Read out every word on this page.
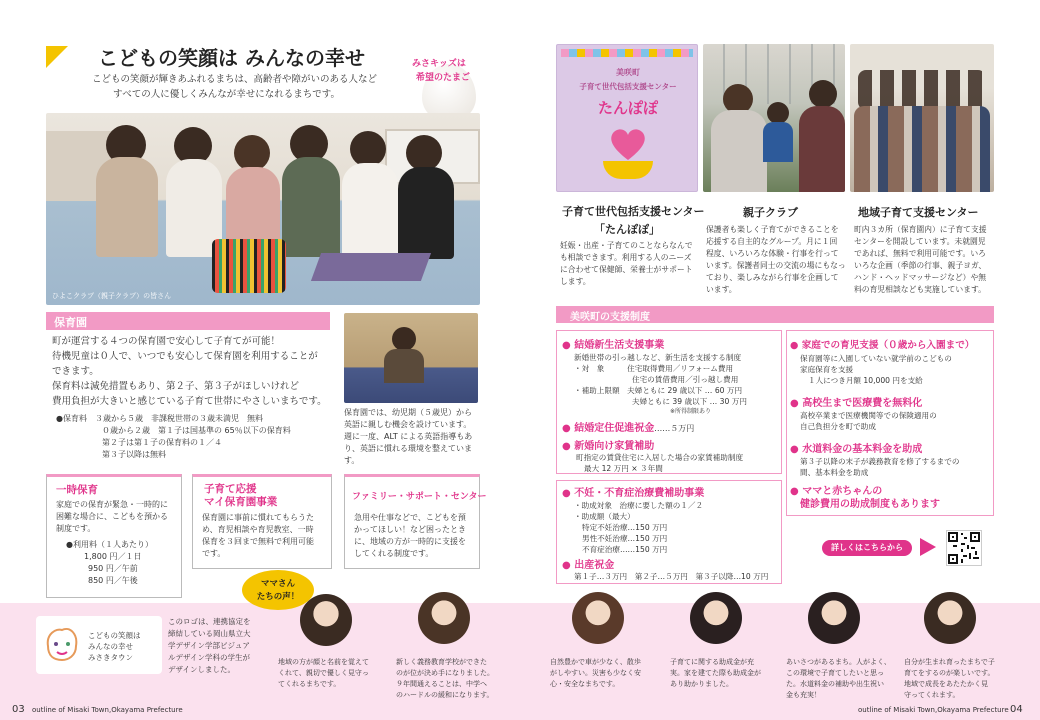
こどもの笑顔は みんなの幸せ
こどもの笑顔が輝きあふれるまちは、高齢者や障がいのある人など
すべての人に優しくみんなが幸せになれるまちです。
みさキッズは
希望のたまご
ひよこクラブ（親子クラブ）の皆さん
保育園
町が運営する４つの保育園で安心して子育てが可能！
待機児童は０人で、いつでも安心して保育園を利用することが
できます。
保育料は減免措置もあり、第２子、第３子がほしいけれど
費用負担が大きいと感じている子育て世帯にやさしいまちです。
●保育料　 ３歳から５歳　非課税世帯の３歳未満児　無料
０歳から２歳　第１子は国基準の 65％以下の保育料
第２子は第１子の保育料の１／４
第３子以降は無料
保育園では、幼児期（５歳児）から
英語に親しむ機会を設けています。
週に一度、ALT による英語指導もあ
り、英語に慣れる環境を整えていま
す。
一時保育
家庭での保育が緊急・一時的に
困難な場合に、こどもを預かる
制度です。
●利用料（１人あたり）
1,800 円／１日
950 円／午前
850 円／午後
子育て応援
マイ保育園事業
保育園に事前に慣れてもらうた
め、育児相談や育児教室、一時
保育を３回まで無料で利用可能
です。
ファミリー・サポート・センター
急用や仕事などで、こどもを預
かってほしい！など困ったとき
に、地域の方が一時的に支援を
してくれる制度です。
美咲町
子育て世代包括支援センター
たんぽぽ
子育て世代包括支援センター
「たんぽぽ」
妊娠・出産・子育てのことならなんで
も相談できます。利用する人のニーズ
に合わせて保健師、栄養士がサポート
します。
親子クラブ
保護者も楽しく子育てができることを
応援する自主的なグループ。月に１回
程度、いろいろな体験・行事を行って
います。保護者同士の交流の場にもなっ
ており、楽しみながら行事を企画して
います。
地域子育て支援センター
町内３カ所（保育園内）に子育て支援
センターを開設しています。未就園児
であれば、無料で利用可能です。いろ
いろな企画（季節の行事、親子ヨガ、
ハンド・ヘッドマッサージなど）や無
料の育児相談なども実施しています。
美咲町の支援制度
● 結婚新生活支援事業
新婚世帯の引っ越しなど、新生活を支援する制度
・対　象　　　住宅取得費用／リフォーム費用
住宅の賃借費用／引っ越し費用
・補助上限額　夫婦ともに 29 歳以下 … 60 万円
夫婦ともに 39 歳以下 … 30 万円
※所得制限あり
● 結婚定住促進祝金……５万円
● 新婚向け家賃補助
町指定の賃貸住宅に入居した場合の家賃補助制度
最大 12 万円 × ３年間
● 不妊・不育症治療費補助事業
・助成対象　治療に要した額の１／２
・助成額（最大）
特定不妊治療…150 万円
男性不妊治療…150 万円
不育症治療……150 万円
● 出産祝金
第１子…３万円　第２子…５万円　第３子以降…10 万円
● 家庭での育児支援（０歳から入園まで）
保育園等に入園していない就学前のこどもの
家庭保育を支援
１人につき月額 10,000 円を支給
● 高校生まで医療費を無料化
高校卒業まで医療機関等での保険適用の
自己負担分を町で助成
● 水道料金の基本料金を助成
第３子以降の末子が義務教育を修了するまでの
間、基本料金を助成
● ママと赤ちゃんの
健診費用の助成制度もあります
詳しくはこちらから
ママさん
たちの声！
こどもの笑顔は
みんなの幸せ
みさきタウン
このロゴは、連携協定を
締結している岡山県立大
学デザイン学部ビジュア
ルデザイン学科の学生が
デザインしました。
地域の方が顔と名前を覚えて
くれて、親切で優しく見守っ
てくれるまちです。
新しく義務教育学校ができた
のが位が決め手になりました。
９年間通えることは、中学へ
のハードルの緩和になります。
自然豊かで車が少なく、散歩
がしやすい。災害も少なく安
心・安全なまちです。
子育てに関する助成金が充
実。家を建てた際も助成金が
あり助かりました。
あいさつがあるまち。人がよく、
この環境で子育てしたいと思っ
た。水道料金の補助や出生祝い
金も充実！
自分が生まれ育ったまちで子
育てをするのが楽しいです。
地域で成長をあたたかく見
守ってくれます。
03 outline of Misaki Town,Okayama Prefecture	outline of Misaki Town,Okayama Prefecture 04
